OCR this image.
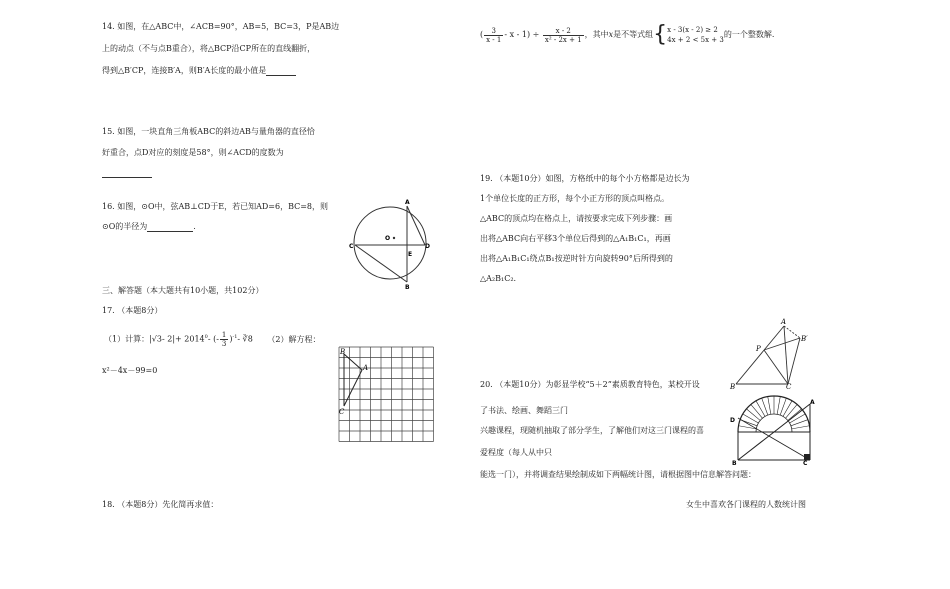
14. 如图，在△ABC中，∠ACB=90°，AB=5，BC=3，P是AB边
上的动点（不与点B重合），将△BCP沿CP所在的直线翻折，
得到△B′CP，连接B′A，则B′A长度的最小值是
15. 如图，一块直角三角板ABC的斜边AB与量角器的直径恰
好重合，点D对应的刻度是58°，则∠ACD的度数为
16. 如图，⊙O中，弦AB⊥CD于E，若已知AD=6，BC=8，则
⊙O的半径为	.
A
B
C	D
E
O
三、解答题（本大题共有10小题，共102分）
17. （本题8分）
（1）计算：|√3- $2|+ 2014^0-$ (- $\frac{1}{3} )^{-1}-$ ∛8 （2）解方程：
x²－4x－99=0
B
A
C
18. （本题8分）先化简再求值：
( $\frac{3}{x - 1} - x - 1) \div \frac{x - 2}{\text{x² - 2x + 1}}$ ，其中x是不等式组{ x - 3(x - 2) ≥ 2
4x + 2 < 5x + 3
的一个整数解.
19. （本题10分）如图，方格纸中的每个小方格都是边长为
1个单位长度的正方形，每个小正方形的顶点叫格点。
△ABC的顶点均在格点上，请按要求完成下列步骤：画
出将△ABC向右平移3个单位后得到的△A₁B₁C₁，再画
出将△A₁B₁C₁绕点B₁按逆时针方向旋转90°后所得到的
△A₂B₁C₂.
A
P
B′
B	C
20. （本题10分）为彰显学校“5＋2”素质教育特色，某校开设
了书法、绘画、舞蹈三门
兴趣课程，现随机抽取了部分学生，了解他们对这三门课程的喜
爱程度（每人从中只
能选一门），并将调查结果绘制成如下两幅统计图，请根据图中信息解答问题：
女生中喜欢各门课程的人数统计图
A
D
B	C
